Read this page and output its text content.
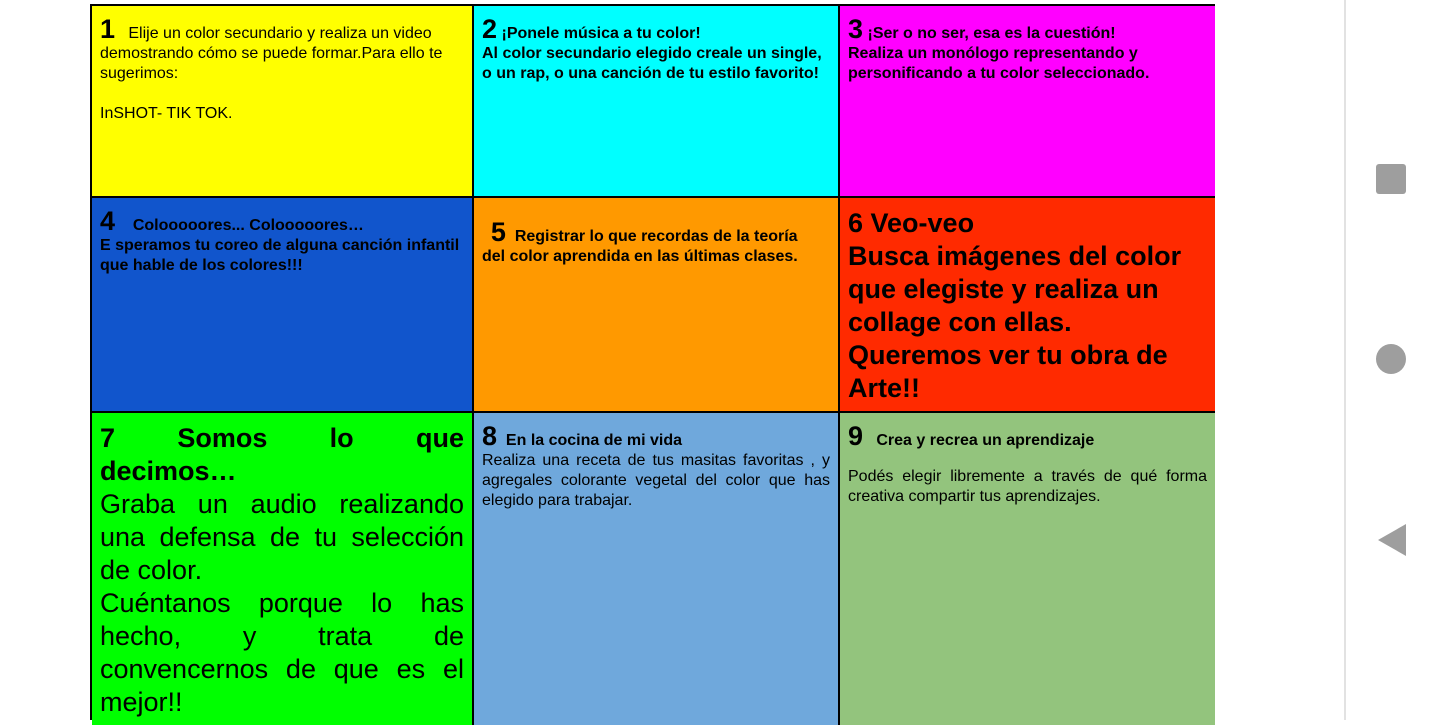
1 Elije un color secundario y realiza un video demostrando cómo se puede formar.Para ello te sugerimos:

InSHOT- TIK TOK.

2 ¡Ponele música a tu color!

Al color secundario elegido creale un single, o un rap, o una canción de tu estilo favorito!

3 ¡Ser o no ser, esa es la cuestión!

Realiza un monólogo representando y personificando a tu color seleccionado.

4 Colooooores... Colooooores…

E speramos tu coreo de alguna canción infantil que hable de los colores!!!

5 Registrar lo que recordas de la teoría

del color aprendida en las últimas clases.

6 Veo-veo

Busca imágenes del color que elegiste y realiza un collage con ellas. Queremos ver tu obra de Arte!!

7 Somos lo que
decimos…

Graba un audio realizando una defensa de tu selección de color.

Cuéntanos porque lo has hecho, y trata de convencernos de que es el mejor!!

8 En la cocina de mi vida

Realiza una receta de tus masitas favoritas , y agregales colorante vegetal del color que has elegido para trabajar.

9 Crea y recrea un aprendizaje

Podés elegir libremente a través de qué forma creativa compartir tus aprendizajes.
